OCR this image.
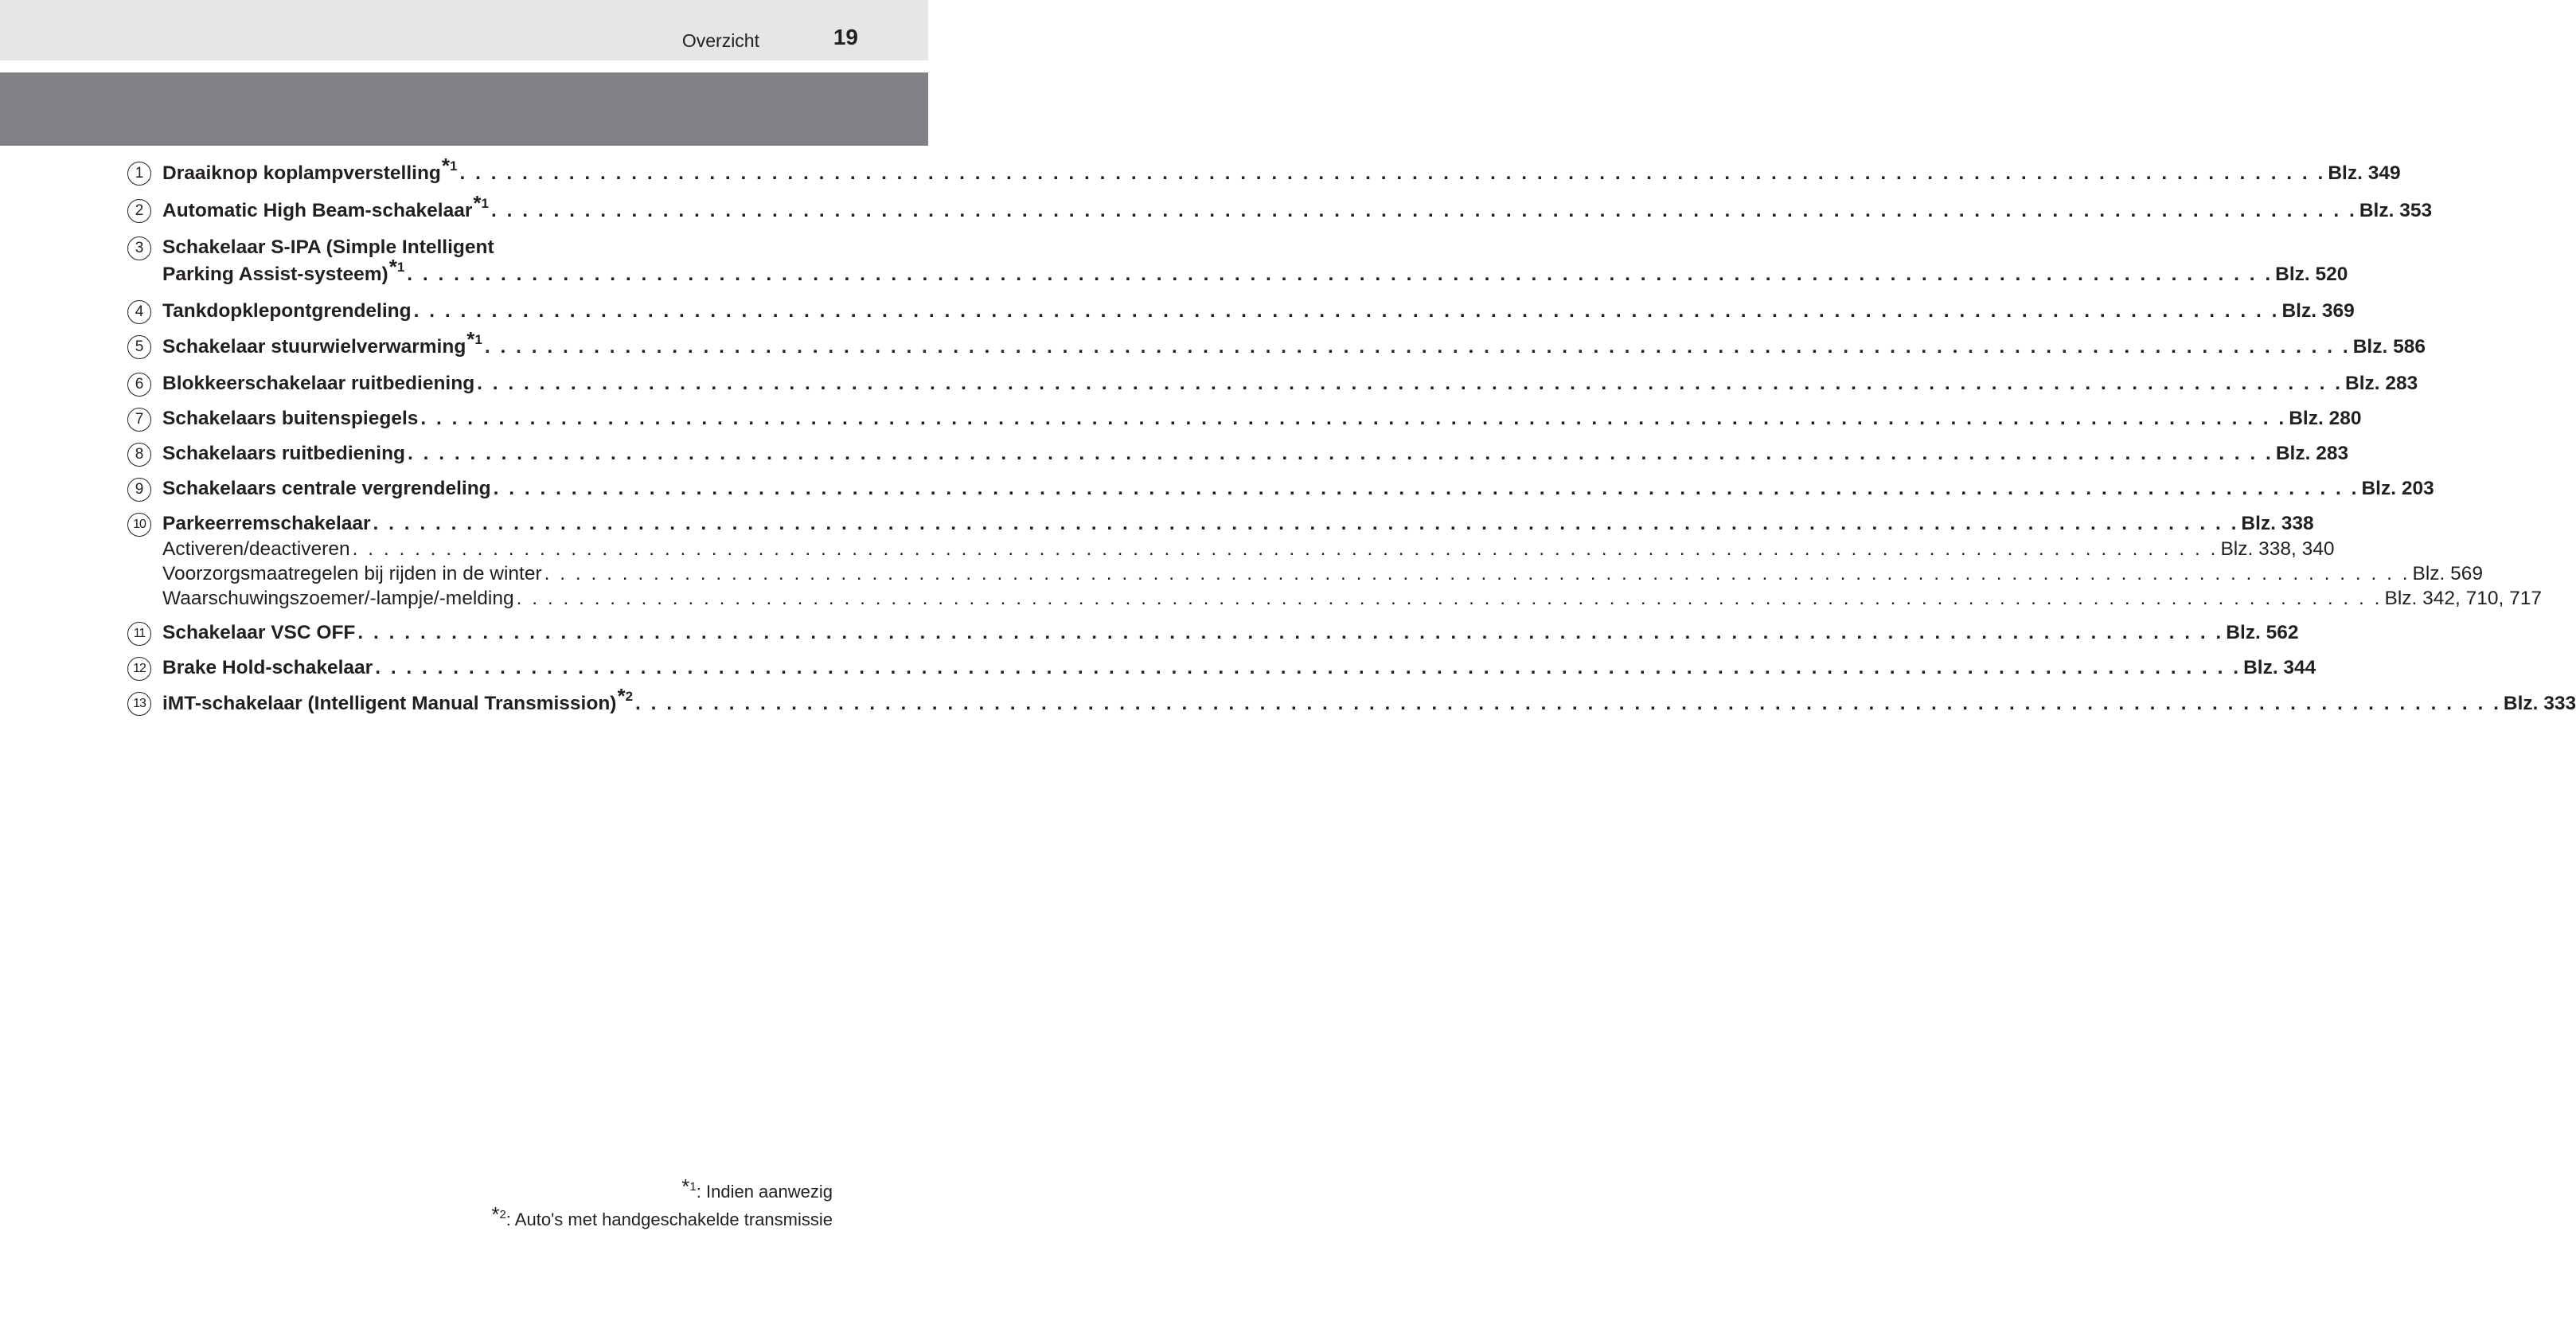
Overzicht	19
1 Draaiknop koplampverstelling$^{*1}$ . . . . . . . . . . . . . . . . . . . . . . . . . . . . . . . . . . . . . . . . . . . . . . . . . . . . . . . . . . . . . . . . . . . . . . . . . . . . . . . . . . . . . . . . . . . . . . . . . . . . . . . . . . . . . . . . . . . . . . . . Blz. 349
2 Automatic High Beam-schakelaar$^{*1}$ . . . . . . . . . . . . . . . . . . . . . . . . . . . . . . . . . . . . . . . . . . . . . . . . . . . . . . . . . . . . . . . . . . . . . . . . . . . . . . . . . . . . . . . . . . . . . . . . . . . . . . . . . . . . . . . . . . . . . . . . Blz. 353
3 Schakelaar S-IPA (Simple Intelligent
Parking Assist-systeem)$^{*1}$ . . . . . . . . . . . . . . . . . . . . . . . . . . . . . . . . . . . . . . . . . . . . . . . . . . . . . . . . . . . . . . . . . . . . . . . . . . . . . . . . . . . . . . . . . . . . . . . . . . . . . . . . . . . . . . . . . . . . . . . . Blz. 520
4 Tankdopklepontgrendeling . . . . . . . . . . . . . . . . . . . . . . . . . . . . . . . . . . . . . . . . . . . . . . . . . . . . . . . . . . . . . . . . . . . . . . . . . . . . . . . . . . . . . . . . . . . . . . . . . . . . . . . . . . . . . . . . . . . . . . . . Blz. 369
5 Schakelaar stuurwielverwarming$^{*1}$ . . . . . . . . . . . . . . . . . . . . . . . . . . . . . . . . . . . . . . . . . . . . . . . . . . . . . . . . . . . . . . . . . . . . . . . . . . . . . . . . . . . . . . . . . . . . . . . . . . . . . . . . . . . . . . . . . . . . . . . . Blz. 586
6 Blokkeerschakelaar ruitbediening . . . . . . . . . . . . . . . . . . . . . . . . . . . . . . . . . . . . . . . . . . . . . . . . . . . . . . . . . . . . . . . . . . . . . . . . . . . . . . . . . . . . . . . . . . . . . . . . . . . . . . . . . . . . . . . . . . . . . . . . Blz. 283
7 Schakelaars buitenspiegels . . . . . . . . . . . . . . . . . . . . . . . . . . . . . . . . . . . . . . . . . . . . . . . . . . . . . . . . . . . . . . . . . . . . . . . . . . . . . . . . . . . . . . . . . . . . . . . . . . . . . . . . . . . . . . . . . . . . . . . . Blz. 280
8 Schakelaars ruitbediening . . . . . . . . . . . . . . . . . . . . . . . . . . . . . . . . . . . . . . . . . . . . . . . . . . . . . . . . . . . . . . . . . . . . . . . . . . . . . . . . . . . . . . . . . . . . . . . . . . . . . . . . . . . . . . . . . . . . . . . . Blz. 283
9 Schakelaars centrale vergrendeling . . . . . . . . . . . . . . . . . . . . . . . . . . . . . . . . . . . . . . . . . . . . . . . . . . . . . . . . . . . . . . . . . . . . . . . . . . . . . . . . . . . . . . . . . . . . . . . . . . . . . . . . . . . . . . . . . . . . . . . . Blz. 203
10 Parkeerremschakelaar . . . . . . . . . . . . . . . . . . . . . . . . . . . . . . . . . . . . . . . . . . . . . . . . . . . . . . . . . . . . . . . . . . . . . . . . . . . . . . . . . . . . . . . . . . . . . . . . . . . . . . . . . . . . . . . . . . . . . . . . Blz. 338
Activeren/deactiveren . . . . . . . . . . . . . . . . . . . . . . . . . . . . . . . . . . . . . . . . . . . . . . . . . . . . . . . . . . . . . . . . . . . . . . . . . . . . . . . . . . . . . . . . . . . . . . . . . . . . . . . . . . . . . . . . . . . . . . . . Blz. 338, 340
Voorzorgsmaatregelen bij rijden in de winter . . . . . . . . . . . . . . . . . . . . . . . . . . . . . . . . . . . . . . . . . . . . . . . . . . . . . . . . . . . . . . . . . . . . . . . . . . . . . . . . . . . . . . . . . . . . . . . . . . . . . . . . . . . . . . . . . . . . . . . . Blz. 569
Waarschuwingszoemer/-lampje/-melding . . . . . . . . . . . . . . . . . . . . . . . . . . . . . . . . . . . . . . . . . . . . . . . . . . . . . . . . . . . . . . . . . . . . . . . . . . . . . . . . . . . . . . . . . . . . . . . . . . . . . . . . . . . . . . . . . . . . . . . . Blz. 342, 710, 717
11 Schakelaar VSC OFF . . . . . . . . . . . . . . . . . . . . . . . . . . . . . . . . . . . . . . . . . . . . . . . . . . . . . . . . . . . . . . . . . . . . . . . . . . . . . . . . . . . . . . . . . . . . . . . . . . . . . . . . . . . . . . . . . . . . . . . . Blz. 562
12 Brake Hold-schakelaar . . . . . . . . . . . . . . . . . . . . . . . . . . . . . . . . . . . . . . . . . . . . . . . . . . . . . . . . . . . . . . . . . . . . . . . . . . . . . . . . . . . . . . . . . . . . . . . . . . . . . . . . . . . . . . . . . . . . . . . . Blz. 344
13 iMT-schakelaar (Intelligent Manual Transmission)$^{*2}$ . . . . . . . . . . . . . . . . . . . . . . . . . . . . . . . . . . . . . . . . . . . . . . . . . . . . . . . . . . . . . . . . . . . . . . . . . . . . . . . . . . . . . . . . . . . . . . . . . . . . . . . . . . . . . . . . . . . . . . . . Blz. 333
$^{*1}$: Indien aanwezig
$^{*2}$: Auto's met handgeschakelde transmissie
